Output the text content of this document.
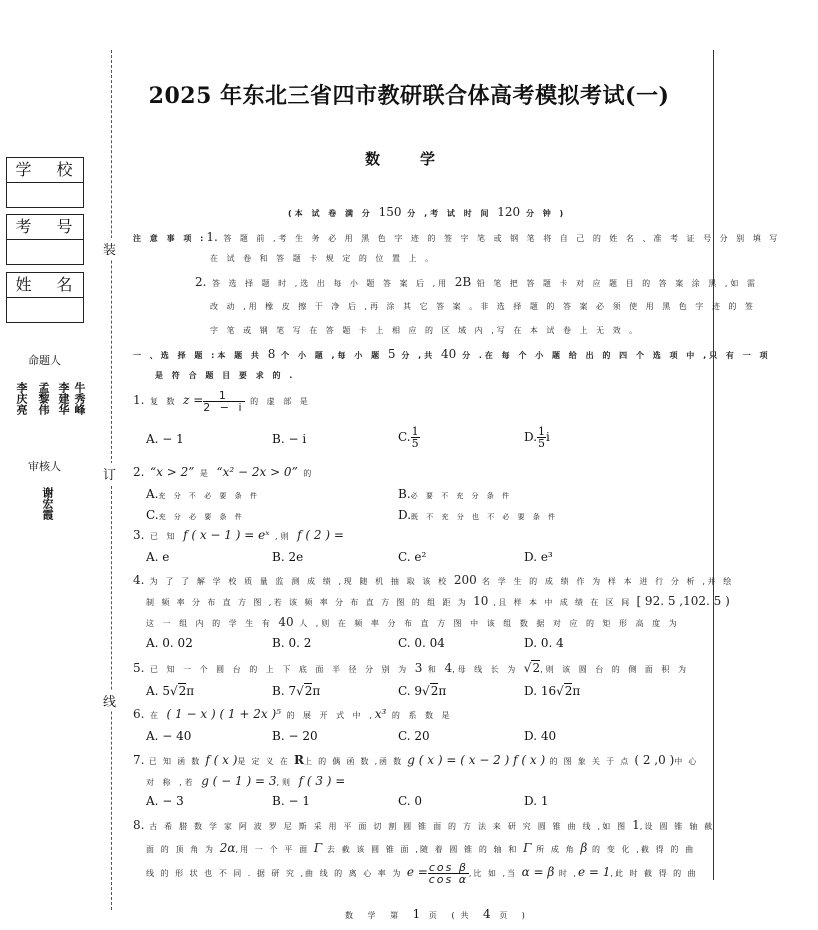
装
订
线
学 校
考 号
姓 名
命题人
牛秀峰
李建华
孟黎伟
李庆亮
审核人
谢宏霞
2025 年东北三省四市教研联合体高考模拟考试(一)
数	学
(本 试 卷 满 分 150 分 ,考 试 时 间 120 分 钟 )
注 意 事 项 :1. 答 题 前 ,考 生 务 必 用 黑 色 字 迹 的 签 字 笔 或 钢 笔 将 自 己 的 姓 名 、准 考 证 号 分 别 填 写
在 试 卷 和 答 题 卡 规 定 的 位 置 上 。
2. 答 选 择 题 时 ,选 出 每 小 题 答 案 后 ,用 2B 铅 笔 把 答 题 卡 对 应 题 目 的 答 案 涂 黑 ,如 需
改 动 ,用 橡 皮 擦 干 净 后 ,再 涂 其 它 答 案 。非 选 择 题 的 答 案 必 须 使 用 黑 色 字 迹 的 签
字 笔 或 钢 笔 写 在 答 题 卡 上 相 应 的 区 域 内 ,写 在 本 试 卷 上 无 效 。
一 、选 择 题 :本 题 共 8 个 小 题 ,每 小 题 5 分 ,共 40 分 .在 每 个 小 题 给 出 的 四 个 选 项 中 ,只 有 一 项
是 符 合 题 目 要 求 的 .
1. 复 数 $z = \frac{1}{2 - i}$ 的 虚 部 是
A. − 1	B. − i	C. $\frac{1}{5}$	D. $\frac{1}{5}$ i
2. “x > 2” 是 “x² − 2x > 0” 的
A.充 分 不 必 要 条 件	B.必 要 不 充 分 条 件
C.充 分 必 要 条 件	D.既 不 充 分 也 不 必 要 条 件
3. 已 知 f ( x − 1 ) = eˣ ,则 f ( 2 ) =
A. e	B. 2e	C. e²	D. e³
4. 为 了 了 解 学 校 质 量 监 测 成 绩 ,现 随 机 抽 取 该 校 200 名 学 生 的 成 绩 作 为 样 本 进 行 分 析 ,并 绘
制 频 率 分 布 直 方 图 ,若 该 频 率 分 布 直 方 图 的 组 距 为 10 ,且 样 本 中 成 绩 在 区 间 [ 92. 5 ,102. 5 )
这 一 组 内 的 学 生 有 40 人 ,则 在 频 率 分 布 直 方 图 中 该 组 数 据 对 应 的 矩 形 高 度 为
A. 0. 02	B. 0. 2	C. 0. 04	D. 0. 4
5. 已 知 一 个 圆 台 的 上 下 底 面 半 径 分 别 为 3 和 4,母 线 长 为 √2,则 该 圆 台 的 侧 面 积 为
A. 5√2π	B. 7√2π	C. 9√2π	D. 16√2π
6. 在 ( 1 − x ) ( 1 + 2x )⁵ 的 展 开 式 中 ,x³ 的 系 数 是
A. − 40	B. − 20	C. 20	D. 40
7. 已 知 函 数 f ( x )是 定 义 在 R上 的 偶 函 数 ,函 数 g ( x ) = ( x − 2 ) f ( x ) 的 图 象 关 于 点 ( 2 ,0 )中 心
对 称 ,若 g ( − 1 ) = 3,则 f ( 3 ) =
A. − 3	B. − 1	C. 0	D. 1
8. 古 希 腊 数 学 家 阿 波 罗 尼 斯 采 用 平 面 切 割 圆 锥 面 的 方 法 来 研 究 圆 锥 曲 线 ,如 图 1,设 圆 锥 轴 截
面 的 顶 角 为 2α,用 一 个 平 面 Γ 去 截 该 圆 锥 面 ,随 着 圆 锥 的 轴 和 Γ 所 成 角 β 的 变 化 ,截 得 的 曲
线 的 形 状 也 不 同 . 据 研 究 ,曲 线 的 离 心 率 为 $e = \frac{\text{cos β}}{\text{cos α}}$ ,比 如 ,当 α = β 时 ,e = 1,此 时 截 得 的 曲
数 学 第 1 页 (共 4 页 )
